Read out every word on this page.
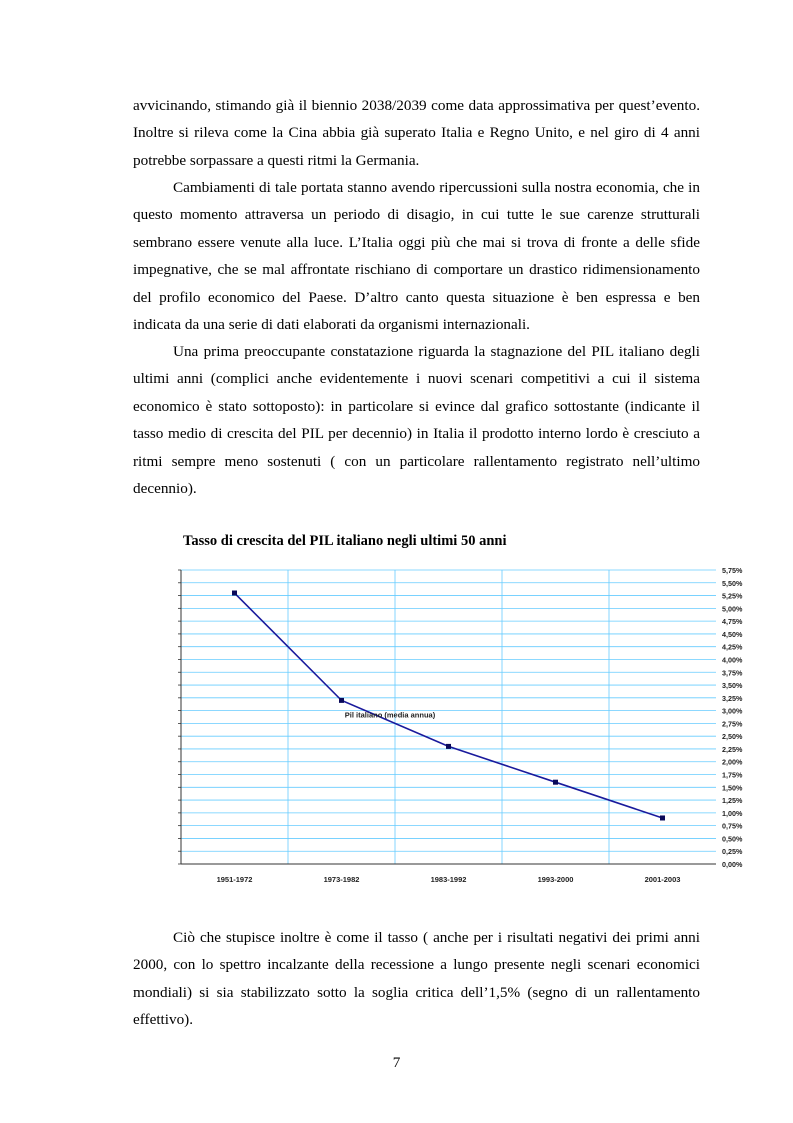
avvicinando, stimando già il biennio 2038/2039 come data approssimativa per quest’evento. Inoltre si rileva come la Cina abbia già superato Italia e Regno Unito, e nel giro di 4 anni potrebbe sorpassare a questi ritmi la Germania.

Cambiamenti di tale portata stanno avendo ripercussioni sulla nostra economia, che in questo momento attraversa un periodo di disagio, in cui tutte le sue carenze strutturali sembrano essere venute alla luce. L’Italia oggi più che mai si trova di fronte a delle sfide impegnative, che se mal affrontate rischiano di comportare un drastico ridimensionamento del profilo economico del Paese. D’altro canto questa situazione è ben espressa e ben indicata da una serie di dati elaborati da organismi internazionali.

Una prima preoccupante constatazione riguarda la stagnazione del PIL italiano degli ultimi anni (complici anche evidentemente i nuovi scenari competitivi a cui il sistema economico è stato sottoposto): in particolare si evince dal grafico sottostante (indicante il tasso medio di crescita del PIL per decennio) in Italia il prodotto interno lordo è cresciuto a ritmi sempre meno sostenuti ( con un particolare rallentamento registrato nell’ultimo decennio).

Tasso di crescita del PIL italiano negli ultimi 50 anni

0,00%
0,25%
0,50%
0,75%
1,00%
1,25%
1,50%
1,75%
2,00%
2,25%
2,50%
2,75%
3,00%
3,25%
3,50%
3,75%
4,00%
4,25%
4,50%
4,75%
5,00%
5,25%
5,50%
5,75%
1951-1972	1973-1982	1983-1992	1993-2000	2001-2003
Pil italiano (media annua)

Ciò che stupisce inoltre è come il tasso ( anche per i risultati negativi dei primi anni 2000, con lo spettro incalzante della recessione a lungo presente negli scenari economici mondiali) si sia stabilizzato sotto la soglia critica dell’1,5% (segno di un rallentamento effettivo).

7
